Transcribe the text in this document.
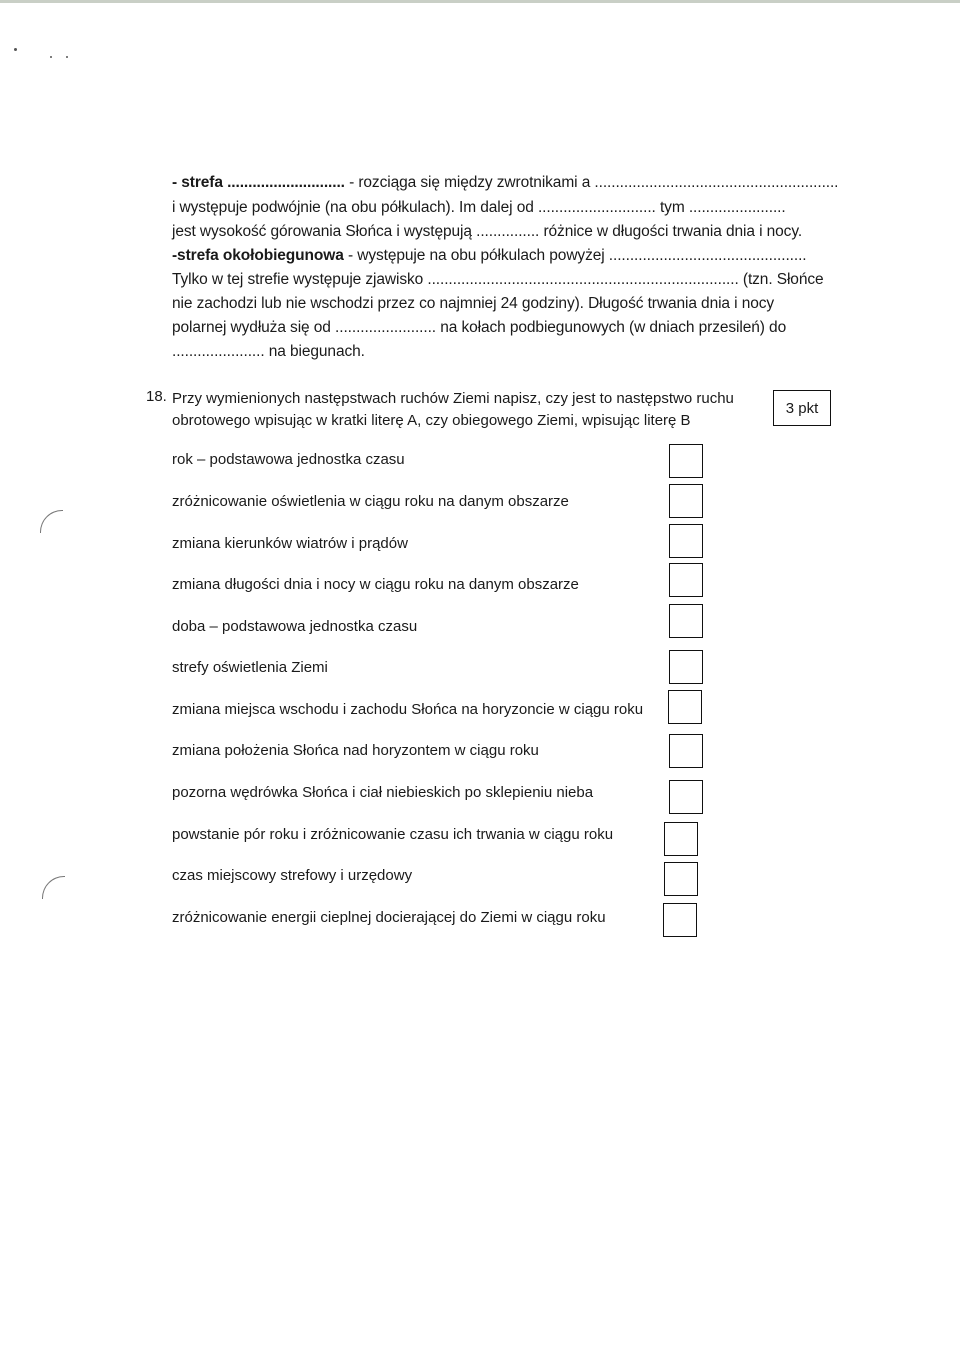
- strefa ............................ - rozciąga się między zwrotnikami a ..........................................................
i występuje podwójnie (na obu półkulach). Im dalej od ............................ tym .......................
jest wysokość górowania Słońca i występują ............... różnice w długości trwania dnia i nocy.
-strefa okołobiegunowa - występuje na obu półkulach powyżej ...............................................
Tylko w tej strefie występuje zjawisko .......................................................................... (tzn. Słońce
nie zachodzi lub nie wschodzi przez co najmniej 24 godziny). Długość trwania dnia i nocy
polarnej wydłuża się od ........................ na kołach podbiegunowych (w dniach przesileń) do
...................... na biegunach.
18. Przy wymienionych następstwach ruchów Ziemi napisz, czy jest to następstwo ruchu
obrotowego wpisując w kratki literę A, czy obiegowego Ziemi, wpisując literę B
3 pkt
rok – podstawowa jednostka czasu
zróżnicowanie oświetlenia w ciągu roku na danym obszarze
zmiana kierunków wiatrów i prądów
zmiana długości dnia i nocy w ciągu roku na danym obszarze
doba – podstawowa jednostka czasu
strefy oświetlenia Ziemi
zmiana miejsca wschodu i zachodu Słońca na horyzoncie w ciągu roku
zmiana położenia Słońca nad horyzontem w ciągu roku
pozorna wędrówka Słońca i ciał niebieskich po sklepieniu nieba
powstanie pór roku i zróżnicowanie czasu ich trwania w ciągu roku
czas miejscowy strefowy i urzędowy
zróżnicowanie energii cieplnej docierającej do Ziemi w ciągu roku
